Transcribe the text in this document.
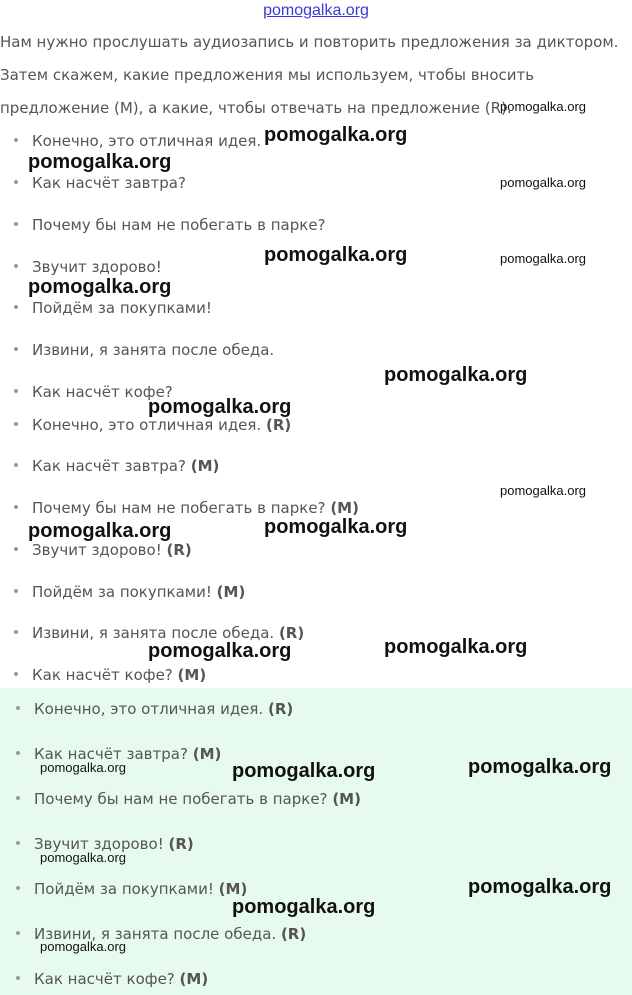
pomogalka.org
Нам нужно прослушать аудиозапись и повторить предложения за диктором.
Затем скажем, какие предложения мы используем, чтобы вносить
предложение (M), а какие, чтобы отвечать на предложение (R).
Конечно, это отличная идея.
Как насчёт завтра?
Почему бы нам не побегать в парке?
Звучит здорово!
Пойдём за покупками!
Извини, я занята после обеда.
Как насчёт кофе?
Конечно, это отличная идея. (R)
Как насчёт завтра? (M)
Почему бы нам не побегать в парке? (M)
Звучит здорово! (R)
Пойдём за покупками! (M)
Извини, я занята после обеда. (R)
Как насчёт кофе? (M)
Конечно, это отличная идея. (R)
Как насчёт завтра? (M)
Почему бы нам не побегать в парке? (M)
Звучит здорово! (R)
Пойдём за покупками! (M)
Извини, я занята после обеда. (R)
Как насчёт кофе? (M)
pomogalka.org
pomogalka.org
pomogalka.org
pomogalka.org
pomogalka.org	pomogalka.org
pomogalka.org
pomogalka.org
pomogalka.org
pomogalka.org
pomogalka.org
pomogalka.org
pomogalka.org
pomogalka.org
pomogalka.org	pomogalka.org
pomogalka.org
pomogalka.org
pomogalka.org
pomogalka.org
pomogalka.org
